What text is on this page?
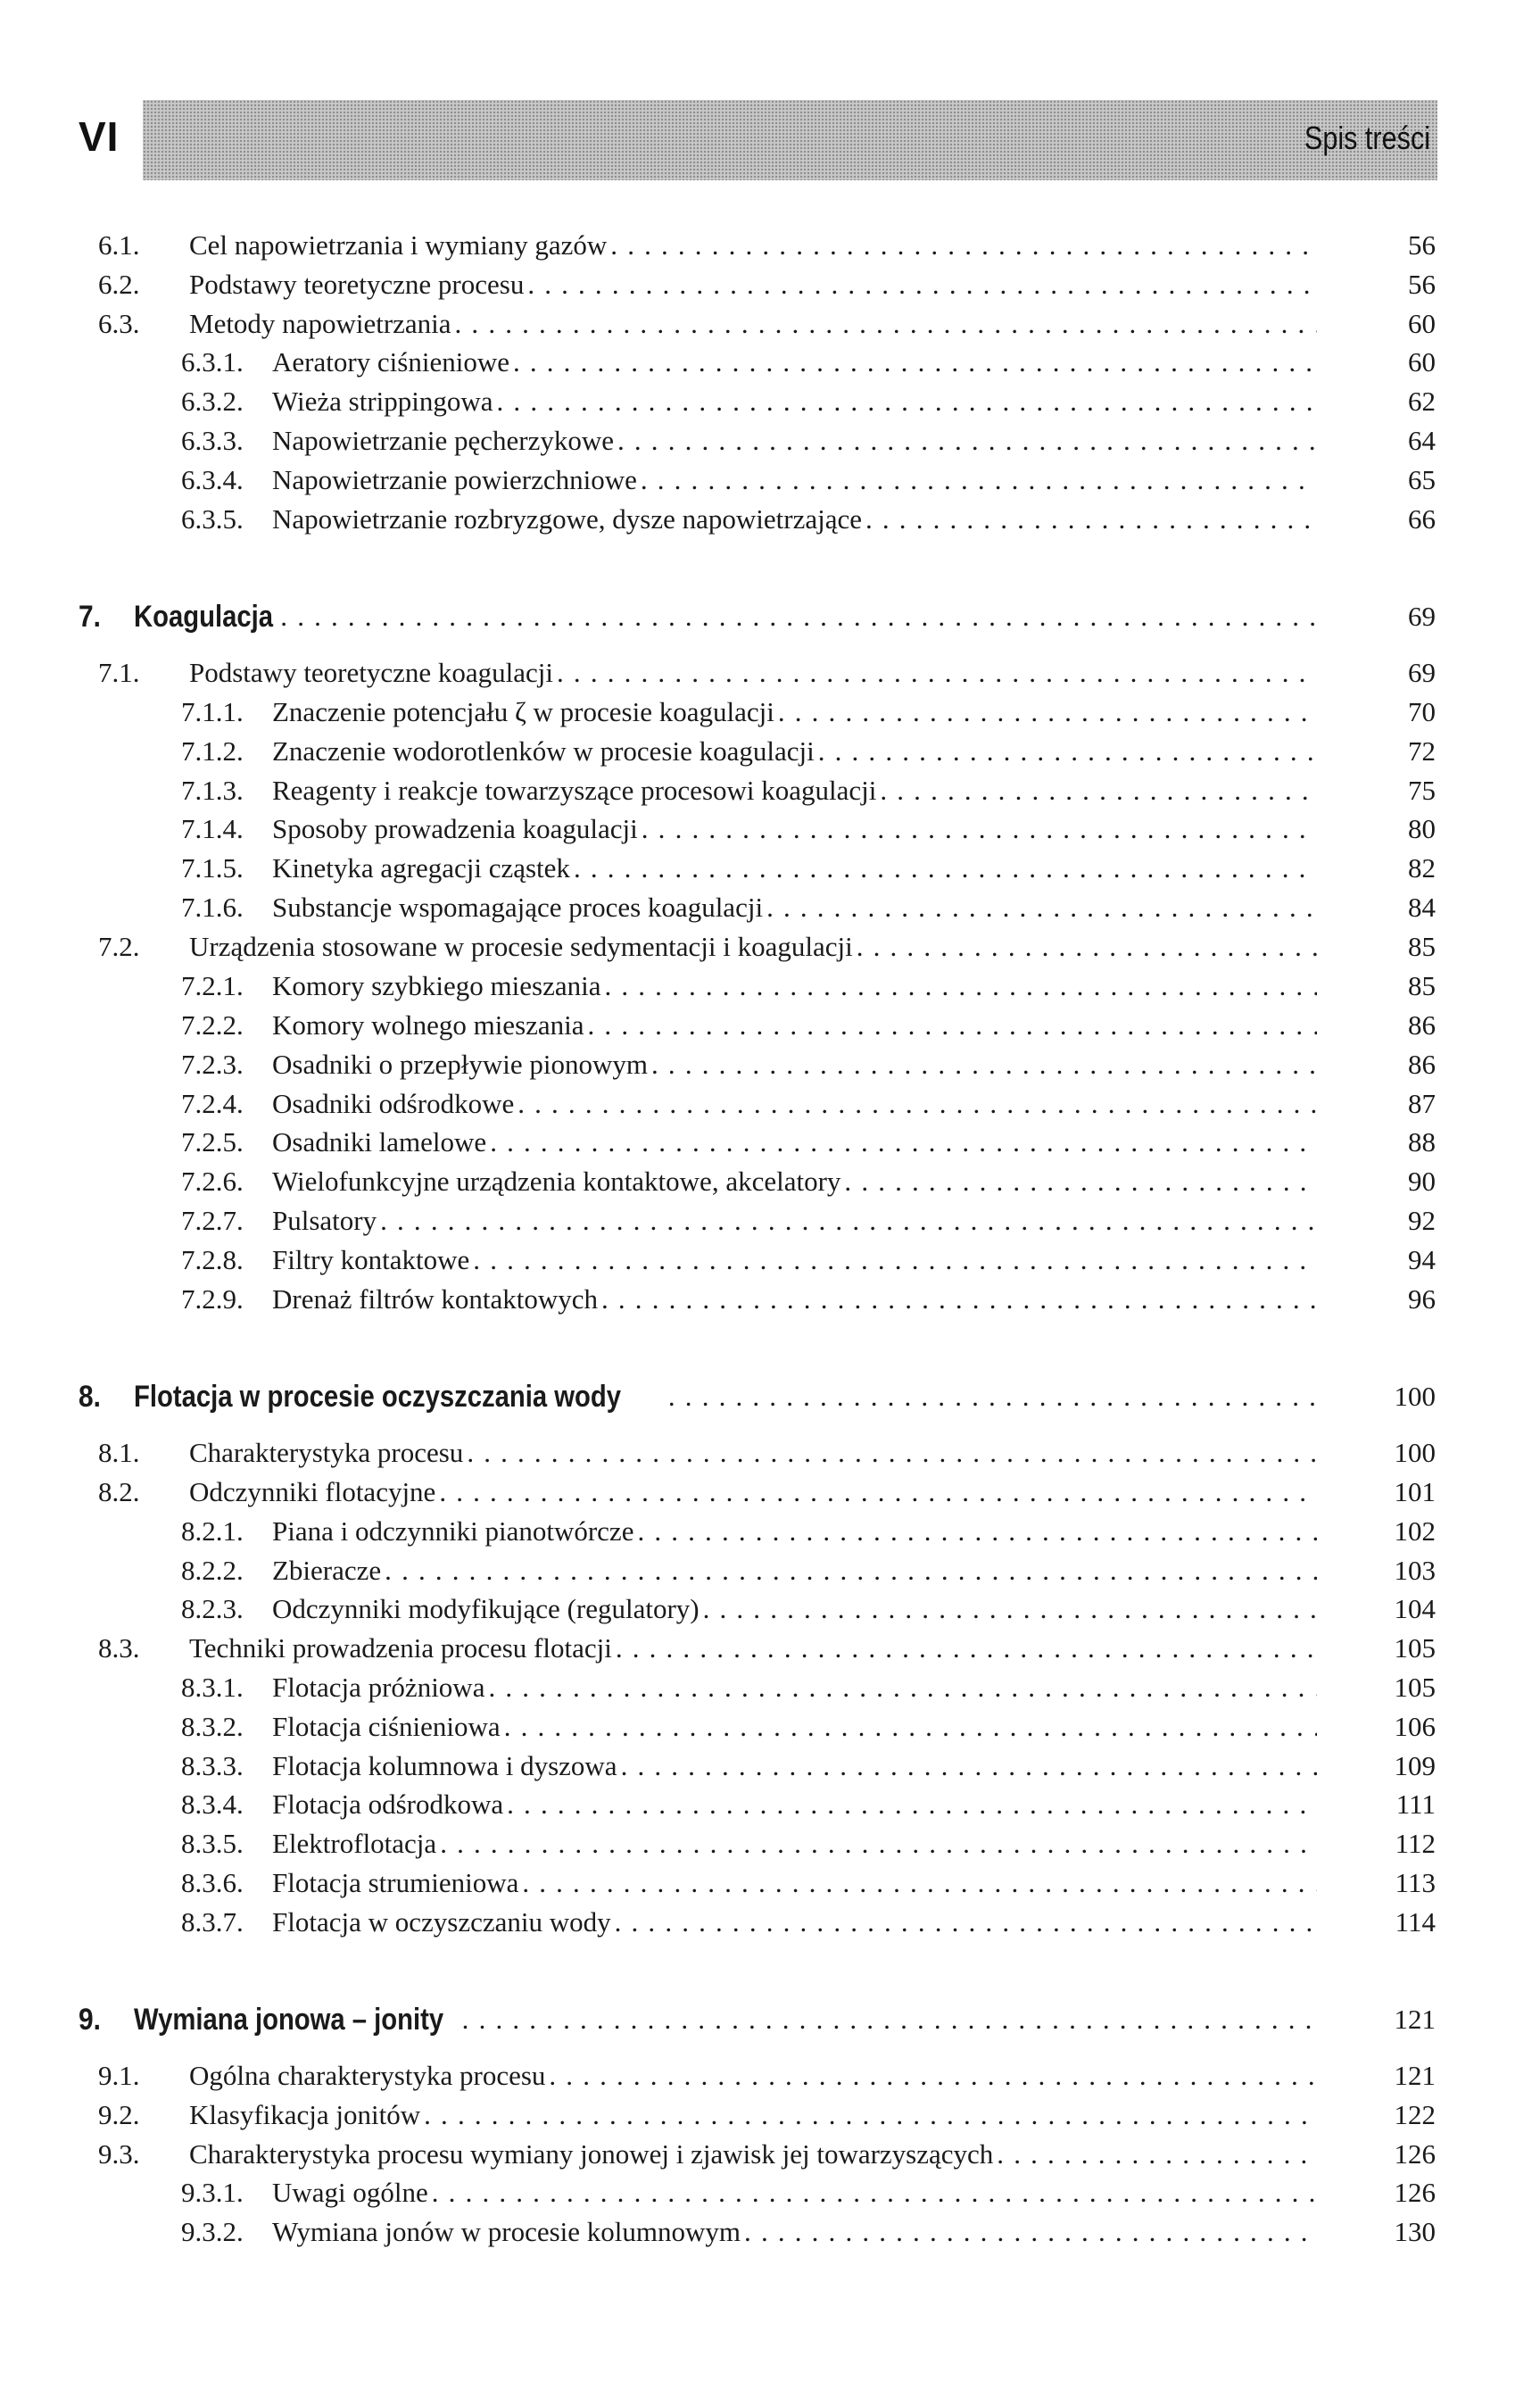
VI	Spis treści
6.1. Cel napowietrzania i wymiany gazów . . .	56
6.2. Podstawy teoretyczne procesu . . .	56
6.3. Metody napowietrzania . . .	60
6.3.1. Aeratory ciśnieniowe . . .	60
6.3.2. Wieża strippingowa . . .	62
6.3.3. Napowietrzanie pęcherzykowe . . .	64
6.3.4. Napowietrzanie powierzchniowe . . .	65
6.3.5. Napowietrzanie rozbryzgowe, dysze napowietrzające . . .	66
7. Koagulacja . . .	69
7.1. Podstawy teoretyczne koagulacji . . .	69
7.1.1. Znaczenie potencjału ζ w procesie koagulacji . . .	70
7.1.2. Znaczenie wodorotlenków w procesie koagulacji . . .	72
7.1.3. Reagenty i reakcje towarzyszące procesowi koagulacji . . .	75
7.1.4. Sposoby prowadzenia koagulacji . . .	80
7.1.5. Kinetyka agregacji cząstek . . .	82
7.1.6. Substancje wspomagające proces koagulacji . . .	84
7.2. Urządzenia stosowane w procesie sedymentacji i koagulacji . . .	85
7.2.1. Komory szybkiego mieszania . . .	85
7.2.2. Komory wolnego mieszania . . .	86
7.2.3. Osadniki o przepływie pionowym . . .	86
7.2.4. Osadniki odśrodkowe . . .	87
7.2.5. Osadniki lamelowe . . .	88
7.2.6. Wielofunkcyjne urządzenia kontaktowe, akcelatory . . .	90
7.2.7. Pulsatory . . .	92
7.2.8. Filtry kontaktowe . . .	94
7.2.9. Drenaż filtrów kontaktowych . . .	96
8. Flotacja w procesie oczyszczania wody . . .	100
8.1. Charakterystyka procesu . . .	100
8.2. Odczynniki flotacyjne . . .	101
8.2.1. Piana i odczynniki pianotwórcze . . .	102
8.2.2. Zbieracze . . .	103
8.2.3. Odczynniki modyfikujące (regulatory) . . .	104
8.3. Techniki prowadzenia procesu flotacji . . .	105
8.3.1. Flotacja próżniowa . . .	105
8.3.2. Flotacja ciśnieniowa . . .	106
8.3.3. Flotacja kolumnowa i dyszowa . . .	109
8.3.4. Flotacja odśrodkowa . . .	111
8.3.5. Elektroflotacja . . .	112
8.3.6. Flotacja strumieniowa . . .	113
8.3.7. Flotacja w oczyszczaniu wody . . .	114
9. Wymiana jonowa – jonity . . .	121
9.1. Ogólna charakterystyka procesu . . .	121
9.2. Klasyfikacja jonitów . . .	122
9.3. Charakterystyka procesu wymiany jonowej i zjawisk jej towarzyszących . . .	126
9.3.1. Uwagi ogólne . . .	126
9.3.2. Wymiana jonów w procesie kolumnowym . . .	130
